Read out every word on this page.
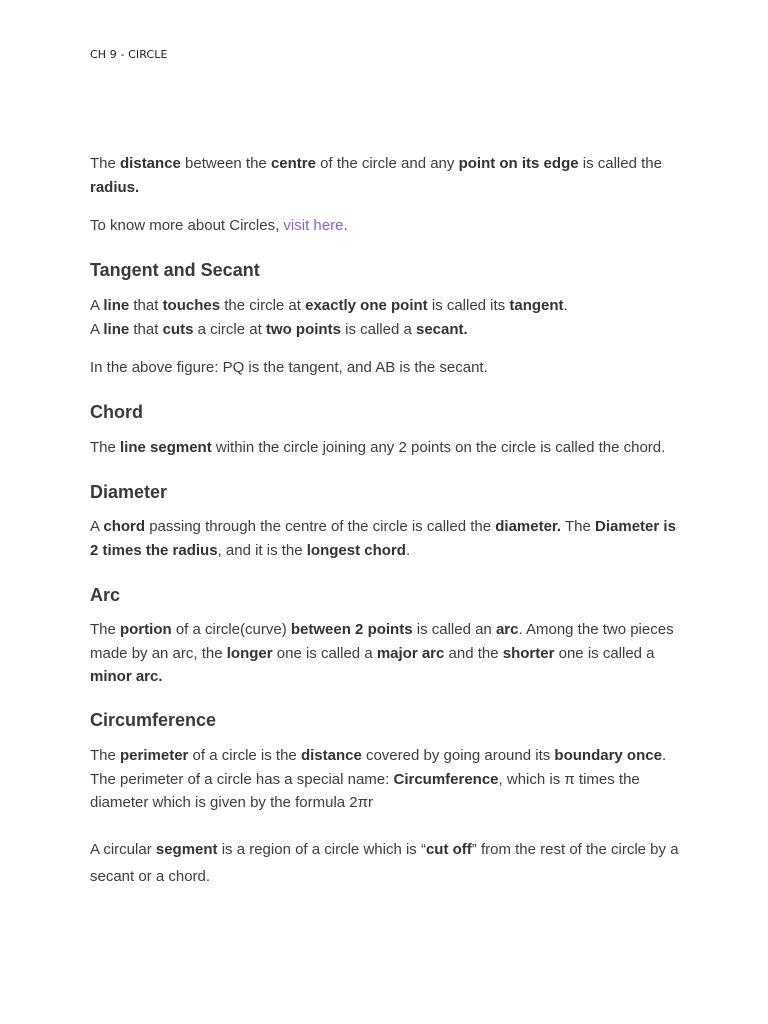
CH 9 - CIRCLE

The distance between the centre of the circle and any point on its edge is called the radius.

To know more about Circles, visit here.

Tangent and Secant

A line that touches the circle at exactly one point is called its tangent.

A line that cuts a circle at two points is called a secant.

In the above figure: PQ is the tangent, and AB is the secant.

Chord

The line segment within the circle joining any 2 points on the circle is called the chord.

Diameter

A chord passing through the centre of the circle is called the diameter. The Diameter is 2 times the radius, and it is the longest chord.

Arc

The portion of a circle(curve) between 2 points is called an arc. Among the two pieces made by an arc, the longer one is called a major arc and the shorter one is called a minor arc.

Circumference

The perimeter of a circle is the distance covered by going around its boundary once. The perimeter of a circle has a special name: Circumference, which is π times the diameter which is given by the formula 2πr

A circular segment is a region of a circle which is “cut off” from the rest of the circle by a secant or a chord.
